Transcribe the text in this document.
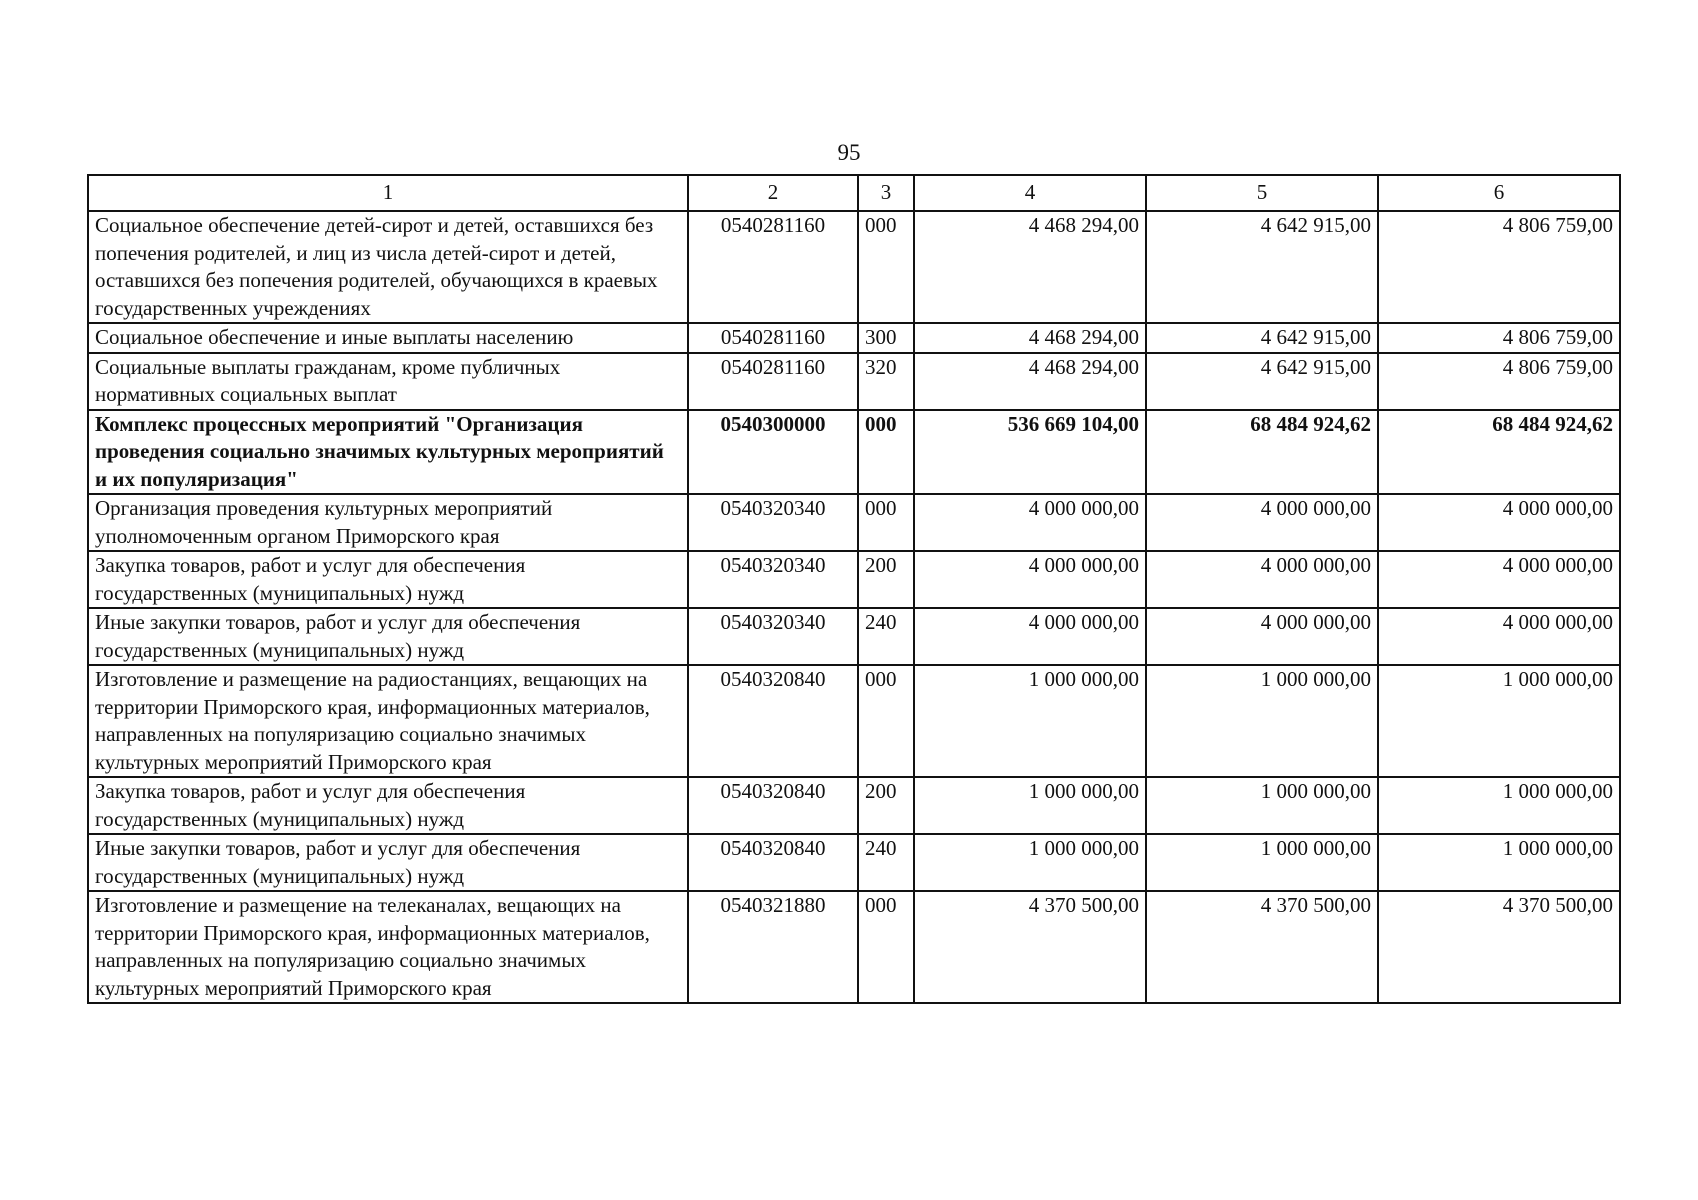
95
1	2	3	4	5	6
Социальное обеспечение детей-сирот и детей, оставшихся без попечения родителей, и лиц из числа детей-сирот и детей, оставшихся без попечения родителей, обучающихся в краевых государственных учреждениях	0540281160	000	4 468 294,00	4 642 915,00	4 806 759,00
Социальное обеспечение и иные выплаты населению	0540281160	300	4 468 294,00	4 642 915,00	4 806 759,00
Социальные выплаты гражданам, кроме публичных нормативных социальных выплат	0540281160	320	4 468 294,00	4 642 915,00	4 806 759,00
Комплекс процессных мероприятий "Организация проведения социально значимых культурных мероприятий и их популяризация"	0540300000	000	536 669 104,00	68 484 924,62	68 484 924,62
Организация проведения культурных мероприятий уполномоченным органом Приморского края	0540320340	000	4 000 000,00	4 000 000,00	4 000 000,00
Закупка товаров, работ и услуг для обеспечения государственных (муниципальных) нужд	0540320340	200	4 000 000,00	4 000 000,00	4 000 000,00
Иные закупки товаров, работ и услуг для обеспечения государственных (муниципальных) нужд	0540320340	240	4 000 000,00	4 000 000,00	4 000 000,00
Изготовление и размещение на радиостанциях, вещающих на территории Приморского края, информационных материалов, направленных на популяризацию социально значимых культурных мероприятий Приморского края	0540320840	000	1 000 000,00	1 000 000,00	1 000 000,00
Закупка товаров, работ и услуг для обеспечения государственных (муниципальных) нужд	0540320840	200	1 000 000,00	1 000 000,00	1 000 000,00
Иные закупки товаров, работ и услуг для обеспечения государственных (муниципальных) нужд	0540320840	240	1 000 000,00	1 000 000,00	1 000 000,00
Изготовление и размещение на телеканалах, вещающих на территории Приморского края, информационных материалов, направленных на популяризацию социально значимых культурных мероприятий Приморского края	0540321880	000	4 370 500,00	4 370 500,00	4 370 500,00
